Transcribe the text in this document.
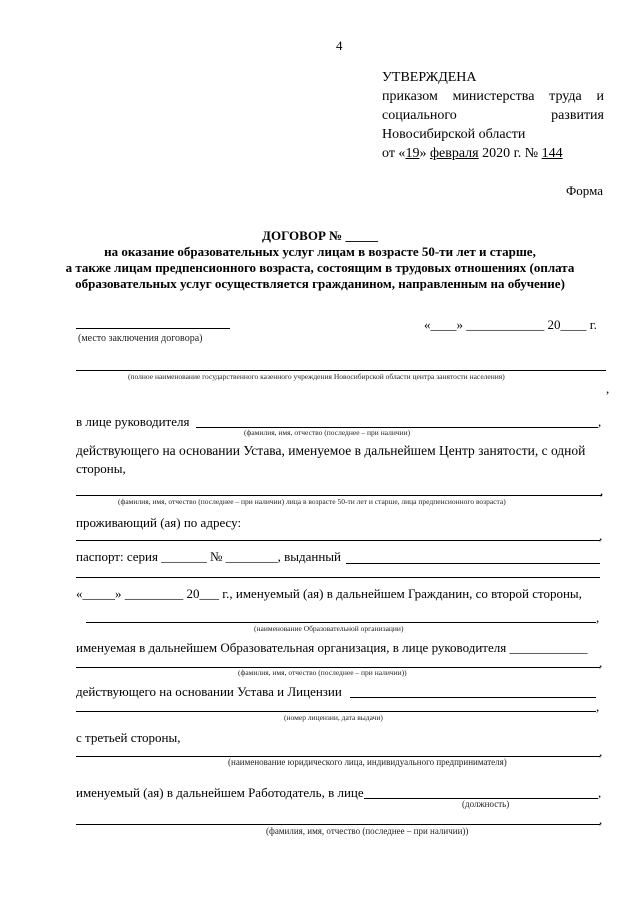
4
УТВЕРЖДЕНА
приказом министерства труда и
социального	развития
Новосибирской области
от «19» февраля 2020 г. № 144
Форма
ДОГОВОР № _____
на оказание образовательных услуг лицам в возрасте 50-ти лет и старше,
а также лицам предпенсионного возраста, состоящим в трудовых отношениях (оплата
образовательных услуг осуществляется гражданином, направленным на обучение)
(место заключения договора)
«____» ____________ 20____ г.
(полное наименование государственного казенного учреждения Новосибирской области центра занятости населения)
,
в лице руководителя	,
(фамилия, имя, отчество (последнее – при наличии)
действующего на основании Устава, именуемое в дальнейшем Центр занятости, с одной
стороны,
,
(фамилия, имя, отчество (последнее – при наличии) лица в возрасте 50-ти лет и старше, лица предпенсионного возраста)
проживающий (ая) по адресу:
,
паспорт: серия _______ № ________, выданный
«_____» _________ 20___ г., именуемый (ая) в дальнейшем Гражданин, со второй стороны,
,
(наименование Образовательной организации)
именуемая в дальнейшем Образовательная организация, в лице руководителя ____________
,
(фамилия, имя, отчество (последнее – при наличии))
действующего на основании Устава и Лицензии
,
(номер лицензии, дата выдачи)
с третьей стороны,
,
(наименование юридического лица, индивидуального предпринимателя)
именуемый (ая) в дальнейшем Работодатель, в лице	,
(должность)
,
(фамилия, имя, отчество (последнее – при наличии))
